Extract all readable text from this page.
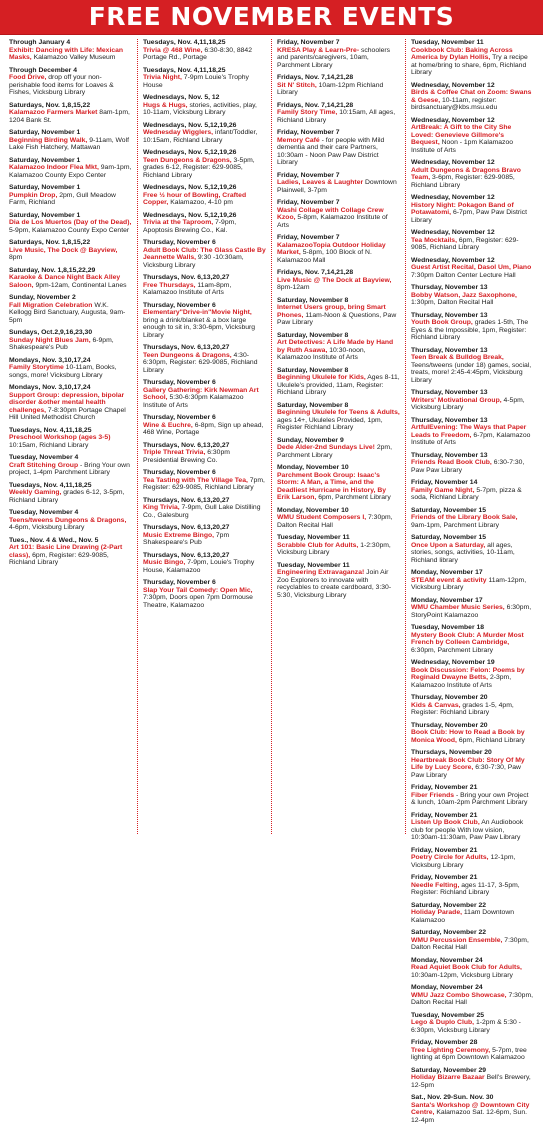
FREE NOVEMBER EVENTS
Through January 4
Exhibit: Dancing with Life: Mexican Masks, Kalamazoo Valley Museum
Through December 4
Food Drive, drop off your non-perishable food items for Loaves & Fishes, Vicksburg Library
Saturdays, Nov. 1,8,15,22
Kalamazoo Farmers Market 8am-1pm, 1204 Bank St.
Saturday, November 1
Beginning Birding Walk, 9-11am, Wolf Lake Fish Hatchery, Mattawan
Saturday, November 1
Kalamazoo Indoor Flea Mkt, 9am-1pm, Kalamazoo County Expo Center
Saturday, November 1
Pumpkin Drop, 2pm, Gull Meadow Farm, Richland
Saturday, November 1
Dia de Los Muertos (Day of the Dead), 5-9pm, Kalamazoo County Expo Center
Saturdays, Nov. 1,8,15,22
Live Music, The Dock @ Bayview, 8pm
Saturday, Nov. 1,8,15,22,29
Karaoke & Dance Night Back Alley Saloon, 9pm-12am, Continental Lanes
Sunday, November 2
Fall Migration Celebration W.K. Kellogg Bird Sanctuary, Augusta, 9am-5pm
Sundays, Oct.2,9,16,23,30
Sunday Night Blues Jam, 6-9pm, Shakespeare's Pub
Mondays, Nov. 3,10,17,24
Family Storytime 10-11am, Books, songs, more! Vicksburg Library
Mondays, Nov. 3,10,17,24
Support Group: depression, bipolar disorder &other mental health challenges, 7-8:30pm Portage Chapel Hill United Methodist Church
Tuesdays, Nov. 4,11,18,25
Preschool Workshop (ages 3-5) 10:15am, Richland Library
Tuesday, November 4
Craft Stitching Group - Bring Your own project, 1-4pm Parchment Library
Tuesdays, Nov. 4,11,18,25
Weekly Gaming, grades 6-12, 3-5pm, Richland Library
Tuesday, November 4
Teens/tweens Dungeons & Dragons, 4-6pm, Vicksburg Library
Tues., Nov. 4 & Wed., Nov. 5
Art 101: Basic Line Drawing (2-Part class), 6pm, Register: 629-9085, Richland Library
Tuesdays, Nov. 4,11,18,25
Trivia @ 468 Wine, 6:30-8:30, 8842 Portage Rd., Portage
Tuesdays, Nov. 4,11,18,25
Trivia Night, 7-9pm Louie's Trophy House
Wednesdays, Nov. 5, 12
Hugs & Hugs, stories, activities, play, 10-11am, Vicksburg Library
Wednesdays, Nov. 5,12,19,26
Wednesday Wigglers, infant/Toddler, 10:15am, Richland Library
Wednesdays, Nov. 5,12,19,26
Teen Dungeons & Dragons, 3-5pm, grades 6-12, Register: 629-9085, Richland Library
Wednesdays, Nov. 5,12,19,26
Free ½ hour of Bowling, Crafted Copper, Kalamazoo, 4-10 pm
Wednesdays, Nov. 5,12,19,26
Trivia at the Taproom, 7-9pm, Apoptosis Brewing Co., Kal.
Thursday, November 6
Adult Book Club: The Glass Castle By Jeannette Walls, 9:30 -10:30am, Vicksburg Library
Thursdays, Nov. 6,13,20,27
Free Thursdays, 11am-8pm, Kalamazoo Institute of Arts
Thursday, November 6
Elementary"Drive-in"Movie Night, bring a drink/blanket & a box large enough to sit in, 3:30-6pm, Vicksburg Library
Thursdays, Nov. 6,13,20,27
Teen Dungeons & Dragons, 4:30-6:30pm, Register: 629-9085, Richland Library
Thursday, November 6
Gallery Gathering: Kirk Newman Art School, 5:30-6:30pm Kalamazoo Institute of Arts
Thursday, November 6
Wine & Euchre, 6-8pm, Sign up ahead, 468 Wine, Portage
Thursdays, Nov. 6,13,20,27
Triple Threat Trivia, 6:30pm Presidential Brewing Co.
Thursday, November 6
Tea Tasting with The Village Tea, 7pm, Register: 629-9085, Richland Library
Thursdays, Nov. 6,13,20,27
King Trivia, 7-9pm, Gull Lake Distilling Co., Galesburg
Thursdays, Nov. 6,13,20,27
Music Extreme Bingo, 7pm Shakespeare's Pub
Thursdays, Nov. 6,13,20,27
Music Bingo, 7-9pm, Louie's Trophy House, Kalamazoo
Thursday, November 6
Slap Your Tail Comedy: Open Mic, 7:30pm, Doors open 7pm Dormouse Theatre, Kalamazoo
Friday, November 7
KRESA Play & Learn-Pre- schoolers and parents/caregivers, 10am, Parchment Library
Fridays, Nov. 7,14,21,28
Sit N' Stitch, 10am-12pm Richland Library
Fridays, Nov. 7,14,21,28
Family Story Time, 10:15am, All ages, Richland Library
Friday, November 7
Memory Café - for people with Mild dementia and their care Partners, 10:30am - Noon Paw Paw District Library
Friday, November 7
Ladies, Leaves & Laughter Downtown Plainwell, 3-7pm
Friday, November 7
Washi Collage with Collage Crew Kzoo, 5-8pm, Kalamazoo Institute of Arts
Friday, November 7
KalamazooTopia Outdoor Holiday Market, 5-8pm, 100 Block of N. Kalamazoo Mall
Fridays, Nov. 7,14,21,28
Live Music @ The Dock at Bayview, 8pm-12am
Saturday, November 8
Internet Users group, bring Smart Phones, 11am-Noon & Questions, Paw Paw Library
Saturday, November 8
Art Detectives: A Life Made by Hand by Ruth Asawa, 10:30-noon, Kalamazoo Institute of Arts
Saturday, November 8
Beginning Ukulele for Kids, Ages 8-11, Ukulele's provided, 11am, Register: Richland Library
Saturday, November 8
Beginning Ukulele for Teens & Adults, ages 14+, Ukuleles Provided, 1pm, Register Richland Library
Sunday, November 9
Dede Alder-2nd Sundays Live! 2pm, Parchment Library
Monday, November 10
Parchment Book Group: Isaac's Storm: A Man, a Time, and the Deadliest Hurricane in History, By Erik Larson, 6pm, Parchment Library
Monday, November 10
WMU Student Composers I, 7:30pm, Dalton Recital Hall
Tuesday, November 11
Scrabble Club for Adults, 1-2:30pm, Vicksburg Library
Tuesday, November 11
Engineering Extravaganza! Join Air Zoo Explorers to innovate with recyclables to create cardboard, 3:30-5:30, Vicksburg Library
Tuesday, November 11
Cookbook Club: Baking Across America by Dylan Hollis, Try a recipe at home/bring to share, 6pm, Richland Library
Wednesday, November 12
Birds & Coffee Chat on Zoom: Swans & Geese, 10-11am, register: birdsanctuary@kbs.msu.edu
Wednesday, November 12
ArtBreak: A Gift to the City She Loved: Genevieve Gillmore's Bequest, Noon - 1pm Kalamazoo Institute of Arts
Wednesday, November 12
Adult Dungeons & Dragons Bravo Team, 3-6pm, Register: 629-9085, Richland Library
Wednesday, November 12
History Night: Pokagon Band of Potawatomi, 6-7pm, Paw Paw District Library
Wednesday, November 12
Tea Mocktails, 6pm, Register: 629-9085, Richland Library
Wednesday, November 12
Guest Artist Recital, Dasol Um, Piano 7:30pm Dalton Center Lecture Hall
Thursday, November 13
Bobby Watson, Jazz Saxophone, 1:30pm, Dalton Recital Hall
Thursday, November 13
Youth Book Group, grades 1-5th, The Eyes & the Impossible, 1pm, Register: Richland Library
Thursday, November 13
Teen Break & Bulldog Break, Teens/tweens (under 18) games, social, treats, more! 2:45-4:45pm, Vicksburg Library
Thursday, November 13
Writers' Motivational Group, 4-5pm, Vicksburg Library
Thursday, November 13
ArtfulEvening: The Ways that Paper Leads to Freedom, 6-7pm, Kalamazoo Institute of Arts
Thursday, November 13
Friends Read Book Club, 6:30-7:30, Paw Paw Library
Friday, November 14
Family Game Night, 5-7pm, pizza & soda, Richland Library
Saturday, November 15
Friends of the Library Book Sale, 9am-1pm, Parchment Library
Saturday, November 15
Once Upon a Saturday, all ages, stories, songs, activities, 10-11am, Richland library
Monday, November 17
STEAM event & activity 11am-12pm, Vicksburg Library
Monday, November 17
WMU Chamber Music Series, 6:30pm, StoryPoint Kalamazoo
Tuesday, November 18
Mystery Book Club: A Murder Most French by Colleen Cambridge, 6:30pm, Parchment Library
Wednesday, November 19
Book Discussion: Felon: Poems by Reginald Dwayne Betts, 2-3pm, Kalamazoo Institute of Arts
Thursday, November 20
Kids & Canvas, grades 1-5, 4pm, Register: Richland Library
Thursday, November 20
Book Club: How to Read a Book by Monica Wood, 6pm, Richland Library
Thursdays, November 20
Heartbreak Book Club: Story Of My Life by Lucy Score, 6:30-7:30, Paw Paw Library
Friday, November 21
Fiber Friends - Bring your own Project & lunch, 10am-2pm Parchment Library
Friday, November 21
Listen Up Book Club, An Audiobook club for people With low vision, 10:30am-11:30am, Paw Paw Library
Friday, November 21
Poetry Circle for Adults, 12-1pm, Vicksburg Library
Friday, November 21
Needle Felting, ages 11-17, 3-5pm, Register: Richland Library
Saturday, November 22
Holiday Parade, 11am Downtown Kalamazoo
Saturday, November 22
WMU Percussion Ensemble, 7:30pm, Dalton Recital Hall
Monday, November 24
Read Aquiet Book Club for Adults, 10:30am-12pm, Vicksburg Library
Monday, November 24
WMU Jazz Combo Showcase, 7:30pm, Dalton Recital Hall
Tuesday, November 25
Lego & Duplo Club, 1-2pm & 5:30 - 6:30pm, Vicksburg Library
Friday, November 28
Tree Lighting Ceremony, 5-7pm, tree lighting at 6pm Downtown Kalamazoo
Saturday, November 29
Holiday Bizarre Bazaar Bell's Brewery, 12-5pm
Sat., Nov. 29-Sun. Nov. 30
Santa's Workshop @ Downtown City Centre, Kalamazoo Sat. 12-6pm, Sun. 12-4pm
